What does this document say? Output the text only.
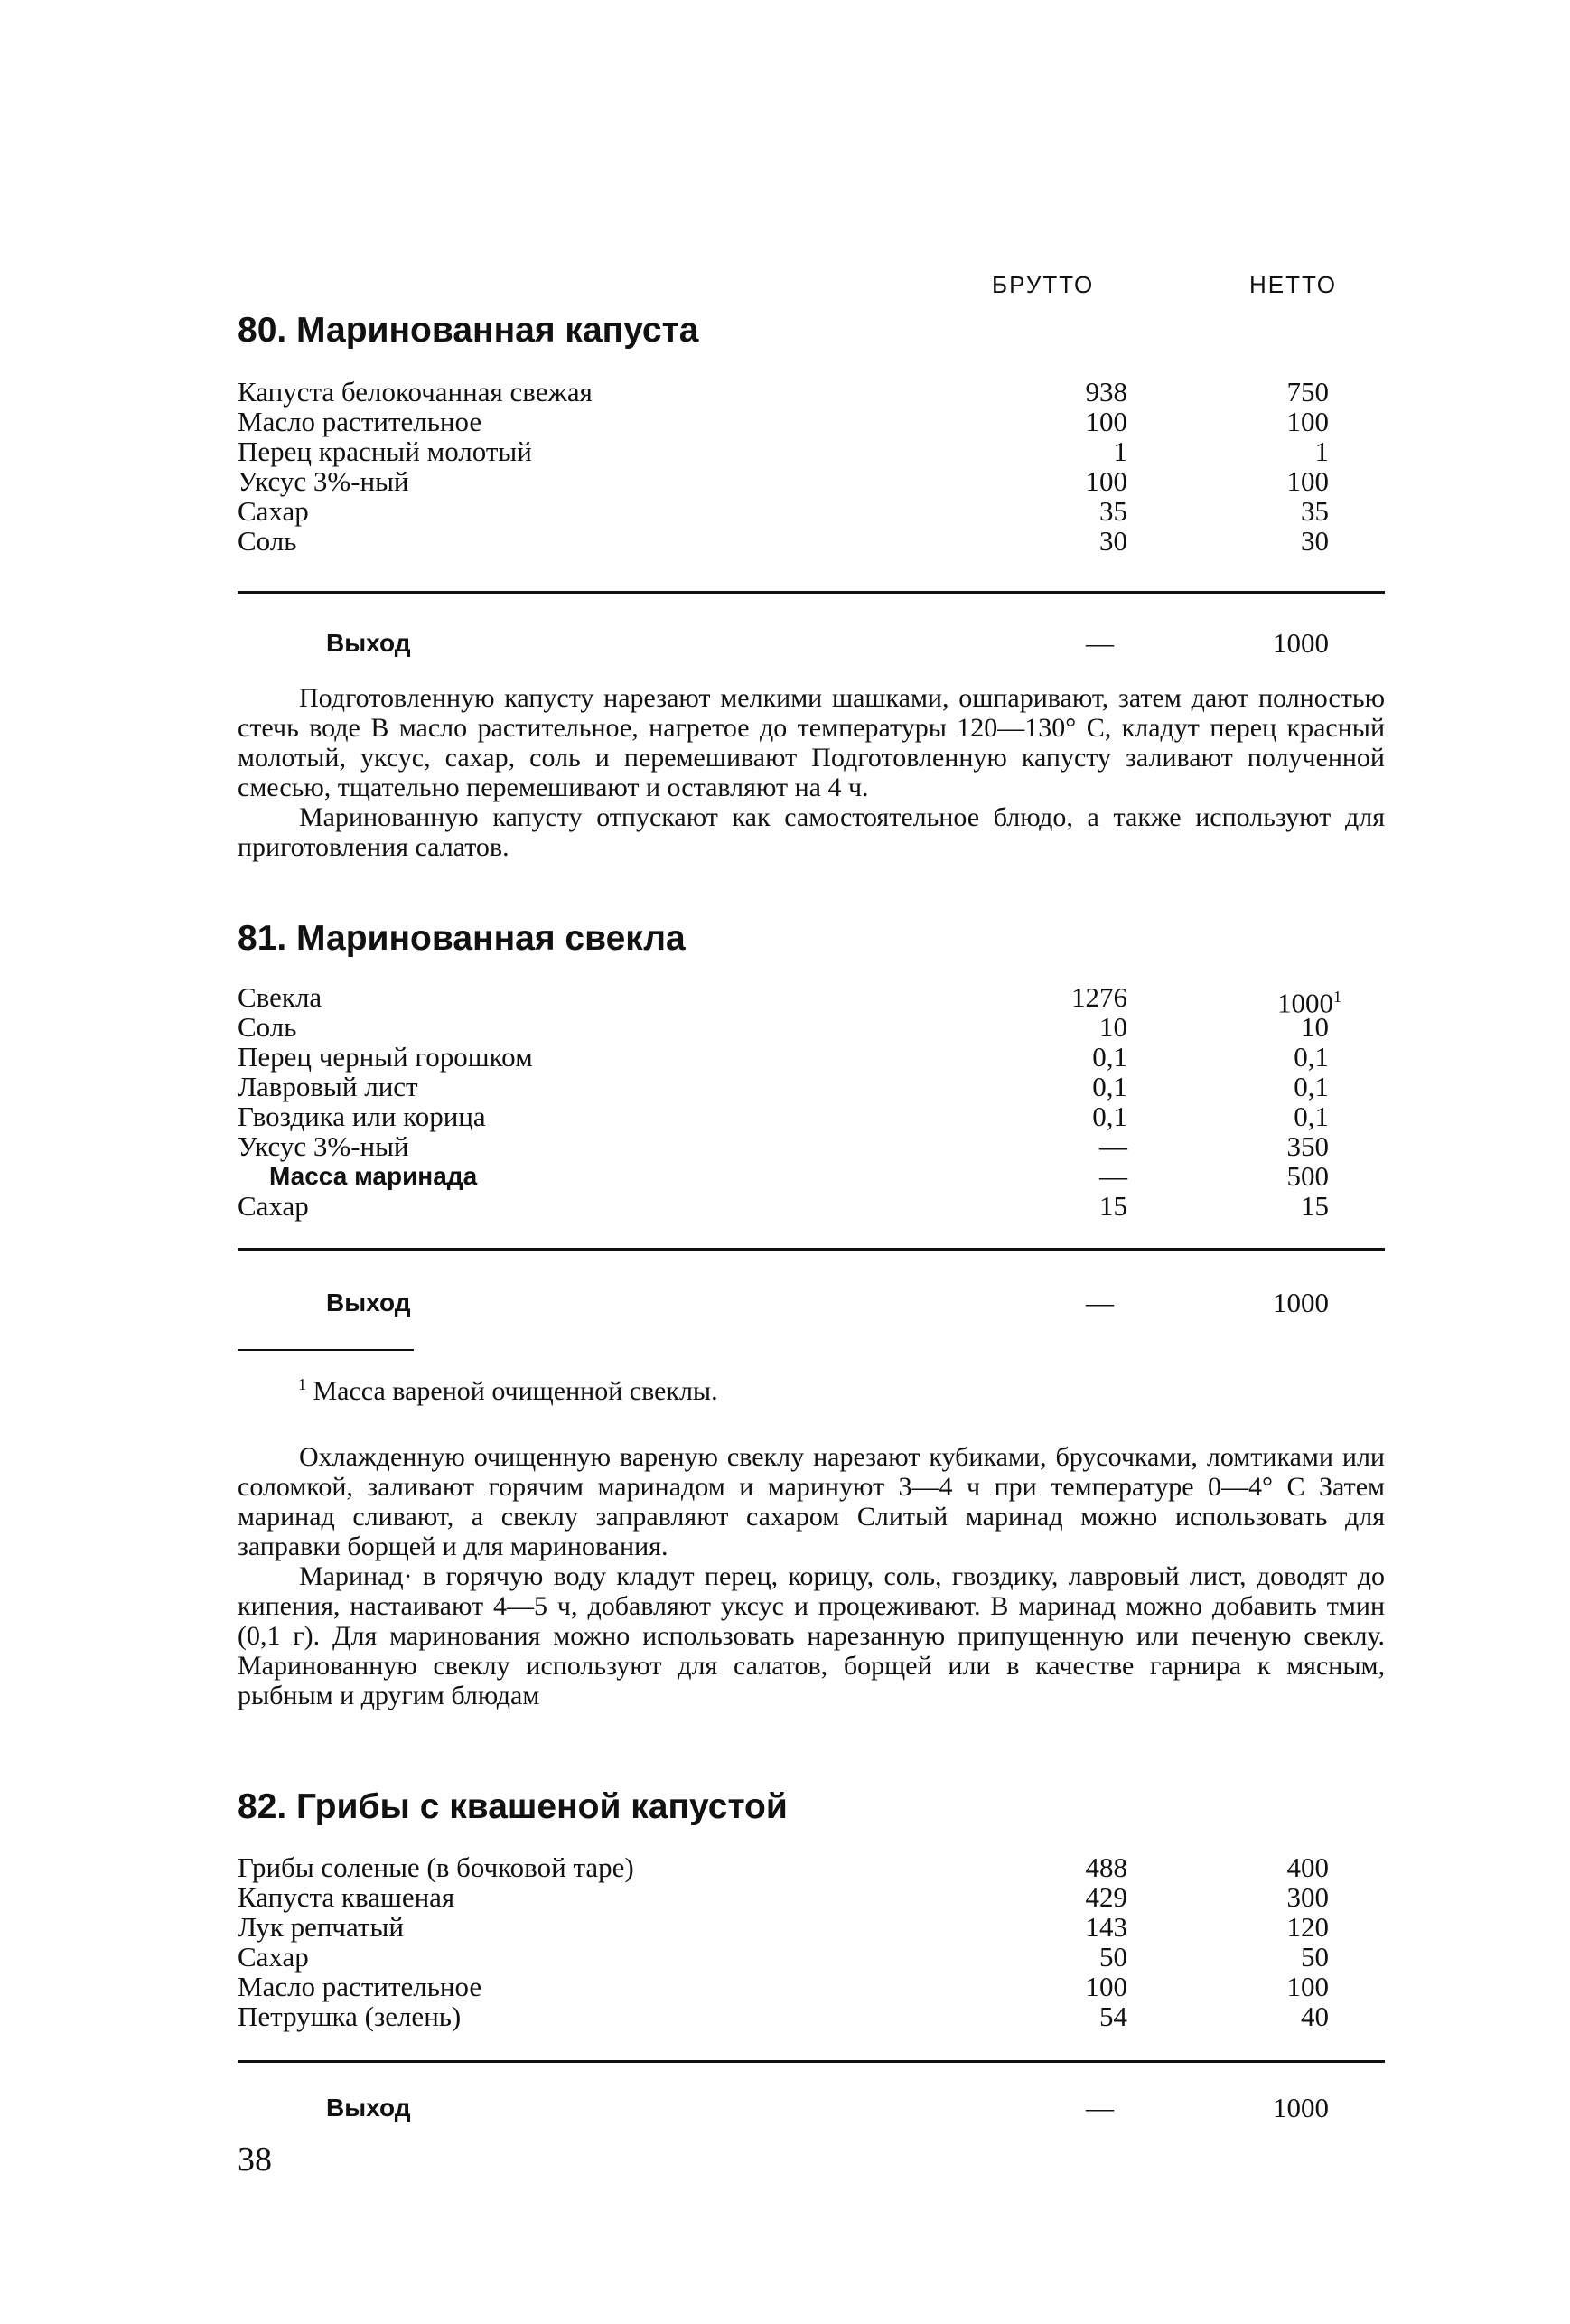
БРУТТО	НЕТТО
80. Маринованная капуста
Капуста белокочанная свежая	938	750
Масло растительное	100	100
Перец красный молотый	1	1
Уксус 3%-ный	100	100
Сахар	35	35
Соль	30	30
Выход	—	1000

Подготовленную капусту нарезают мелкими шашками, ошпаривают, затем дают полностью стечь воде В масло растительное, нагретое до температуры 120—130° С, кладут перец красный молотый, уксус, сахар, соль и перемешивают Подготовленную капусту заливают полученной смесью, тщательно перемешивают и оставляют на 4 ч.

Маринованную капусту отпускают как самостоятельное блюдо, а также используют для приготовления салатов.

81. Маринованная свекла
Свекла	1276	1000$^1$
Соль	10	10
Перец черный горошком	0,1	0,1
Лавровый лист	0,1	0,1
Гвоздика или корица	0,1	0,1
Уксус 3%-ный	—	350
Масса маринада	—	500
Сахар	15	15
Выход	—	1000
$^1$ Масса вареной очищенной свеклы.

Охлажденную очищенную вареную свеклу нарезают кубиками, брусочками, ломтиками или соломкой, заливают горячим маринадом и маринуют 3—4 ч при температуре 0—4° С Затем маринад сливают, а свеклу заправляют сахаром Слитый маринад можно использовать для заправки борщей и для маринования.

Маринад· в горячую воду кладут перец, корицу, соль, гвоздику, лавровый лист, доводят до кипения, настаивают 4—5 ч, добавляют уксус и процеживают. В маринад можно добавить тмин (0,1 г). Для маринования можно использовать нарезанную припущенную или печеную свеклу. Маринованную свеклу используют для салатов, борщей или в качестве гарнира к мясным, рыбным и другим блюдам

82. Грибы с квашеной капустой
Грибы соленые (в бочковой таре)	488	400
Капуста квашеная	429	300
Лук репчатый	143	120
Сахар	50	50
Масло растительное	100	100
Петрушка (зелень)	54	40
Выход	—	1000
38
